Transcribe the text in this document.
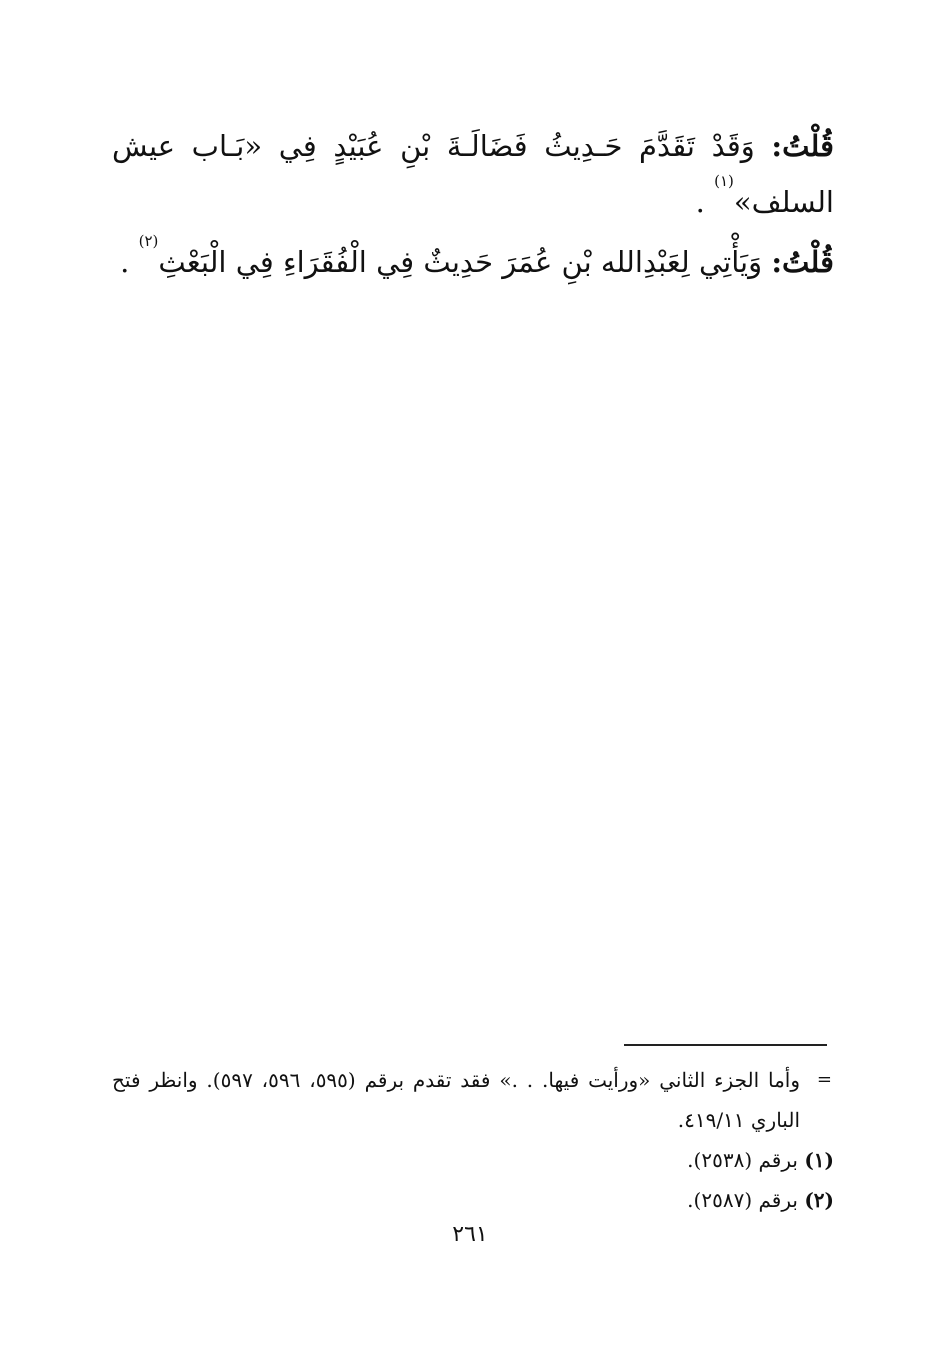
قُلْتُ: وَقَدْ تَقَدَّمَ حَـدِيثُ فَضَالَـةَ بْنِ عُبَيْدٍ فِي «بَـاب عيش السلف»$^{(١)}$ .

قُلْتُ: وَيَأْتِي لِعَبْدِالله بْنِ عُمَرَ حَدِيثٌ فِي الْفُقَرَاءِ فِي الْبَعْثِ$^{(٢)}$ .

=
وأما الجزء الثاني «ورأيت فيها. . .» فقد تقدم برقم (٥٩٥، ٥٩٦، ٥٩٧). وانظر فتح الباري ٤١٩/١١.

(١) برقم (٢٥٣٨).

(٢) برقم (٢٥٨٧).

٢٦١
